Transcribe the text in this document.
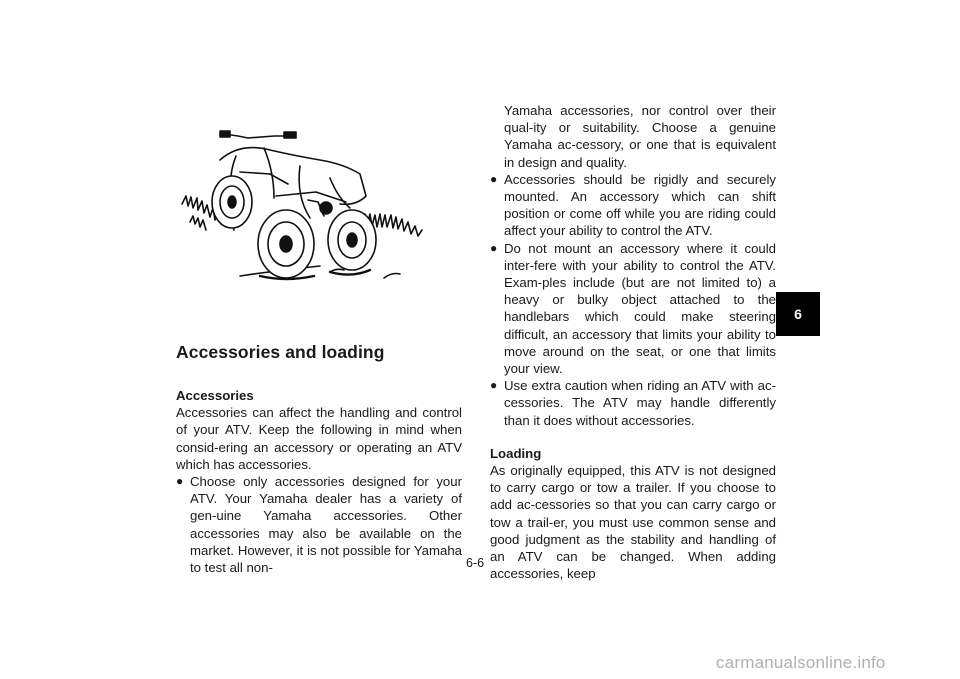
Accessories and loading

Accessories

Accessories can affect the handling and control of your ATV. Keep the following in mind when consid-ering an accessory or operating an ATV which has accessories.

● Choose only accessories designed for your ATV. Your Yamaha dealer has a variety of gen-uine Yamaha accessories. Other accessories may also be available on the market. However, it is not possible for Yamaha to test all non-

Yamaha accessories, nor control over their qual-ity or suitability. Choose a genuine Yamaha ac-cessory, or one that is equivalent in design and quality.

● Accessories should be rigidly and securely mounted. An accessory which can shift position or come off while you are riding could affect your ability to control the ATV.
● Do not mount an accessory where it could inter-fere with your ability to control the ATV. Exam-ples include (but are not limited to) a heavy or bulky object attached to the handlebars which could make steering difficult, an accessory that limits your ability to move around on the seat, or one that limits your view.
● Use extra caution when riding an ATV with ac-cessories. The ATV may handle differently than it does without accessories.

Loading

As originally equipped, this ATV is not designed to carry cargo or tow a trailer. If you choose to add ac-cessories so that you can carry cargo or tow a trail-er, you must use common sense and good judgment as the stability and handling of an ATV can be changed. When adding accessories, keep

6-6
6
carmanualsonline.info
